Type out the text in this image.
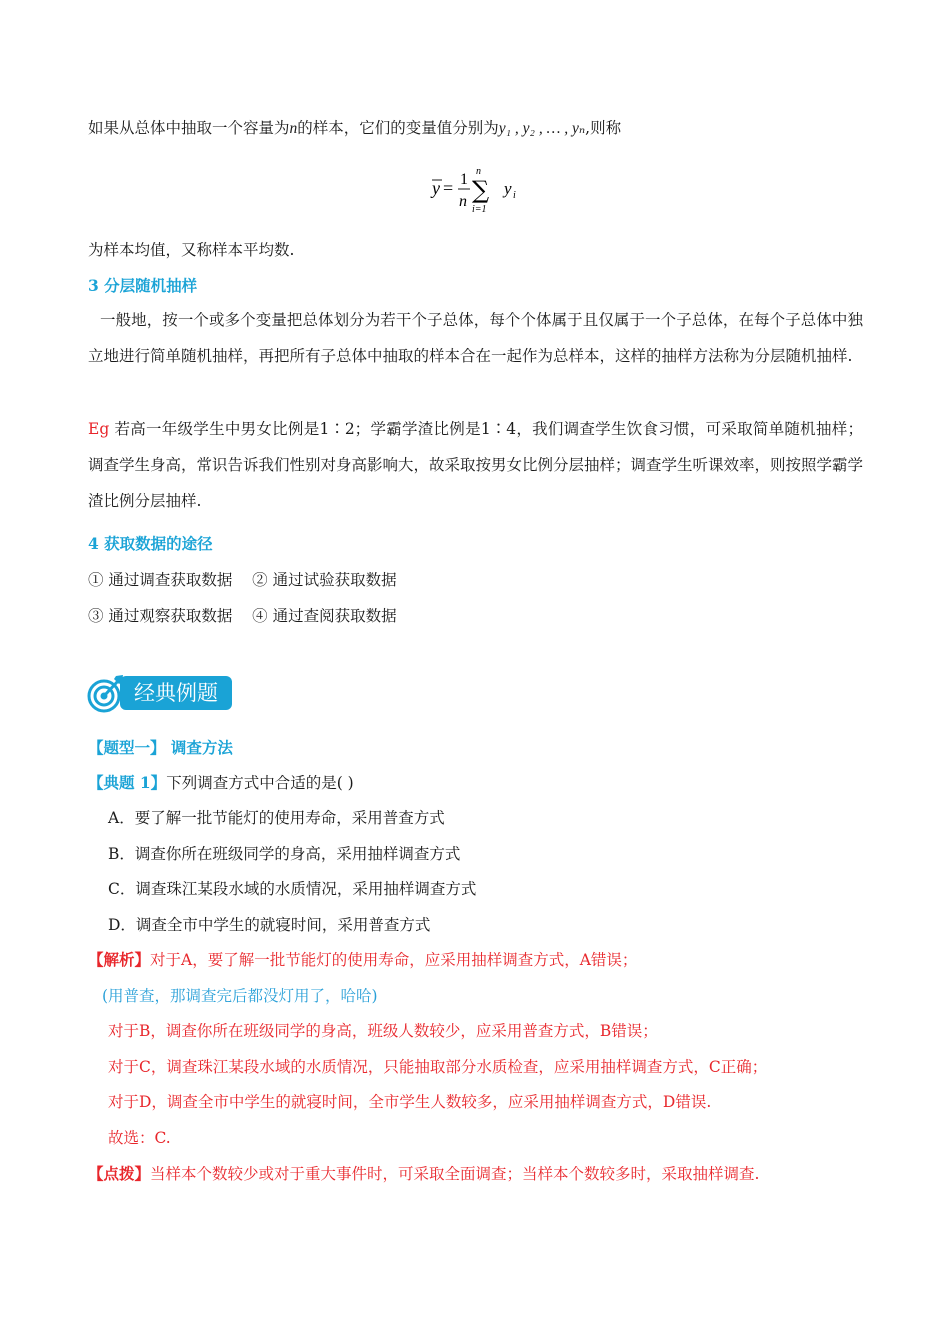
如果从总体中抽取一个容量为n的样本，它们的变量值分别为y₁ , y₂ , … , yₙ,则称
y = 1
n
n
∑
i=1
y i
为样本均值，又称样本平均数.
3 分层随机抽样
一般地，按一个或多个变量把总体划分为若干个子总体，每个个体属于且仅属于一个子总体，在每个子总体中独立地进行简单随机抽样，再把所有子总体中抽取的样本合在一起作为总样本，这样的抽样方法称为分层随机抽样.
Eg 若高一年级学生中男女比例是1∶2；学霸学渣比例是1∶4，我们调查学生饮食习惯，可采取简单随机抽样；调查学生身高，常识告诉我们性别对身高影响大，故采取按男女比例分层抽样；调查学生听课效率，则按照学霸学渣比例分层抽样.
4 获取数据的途径
① 通过调查获取数据    ② 通过试验获取数据
③ 通过观察获取数据    ④ 通过查阅获取数据
经典例题
【题型一】 调查方法
【典题 1】下列调查方式中合适的是( )
A．要了解一批节能灯的使用寿命，采用普查方式
B．调查你所在班级同学的身高，采用抽样调查方式
C．调查珠江某段水域的水质情况，采用抽样调查方式
D．调查全市中学生的就寝时间，采用普查方式
【解析】对于A，要了解一批节能灯的使用寿命，应采用抽样调查方式，A错误；
(用普查，那调查完后都没灯用了，哈哈)
对于B，调查你所在班级同学的身高，班级人数较少，应采用普查方式，B错误；
对于C，调查珠江某段水域的水质情况，只能抽取部分水质检查，应采用抽样调查方式，C正确；
对于D，调查全市中学生的就寝时间，全市学生人数较多，应采用抽样调查方式，D错误.
故选：C.
【点拨】当样本个数较少或对于重大事件时，可采取全面调查；当样本个数较多时，采取抽样调查.
